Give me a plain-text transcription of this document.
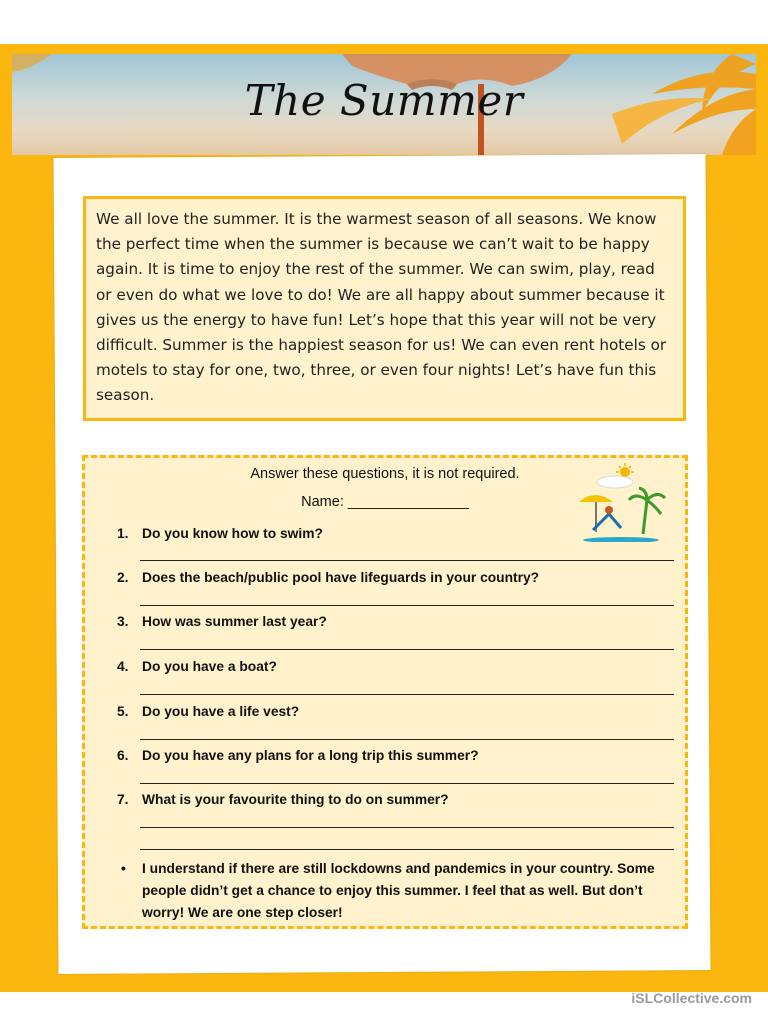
The Summer
We all love the summer. It is the warmest season of all seasons. We know the perfect time when the summer is because we can’t wait to be happy again. It is time to enjoy the rest of the summer. We can swim, play, read or even do what we love to do! We are all happy about summer because it gives us the energy to have fun! Let’s hope that this year will not be very difficult. Summer is the happiest season for us! We can even rent hotels or motels to stay for one, two, three, or even four nights! Let’s have fun this season.
Answer these questions, it is not required.
Name: _______________
1. Do you know how to swim?
2. Does the beach/public pool have lifeguards in your country?
3. How was summer last year?
4. Do you have a boat?
5. Do you have a life vest?
6. Do you have any plans for a long trip this summer?
7. What is your favourite thing to do on summer?
• I understand if there are still lockdowns and pandemics in your country. Some people didn’t get a chance to enjoy this summer. I feel that as well. But don’t worry! We are one step closer!
iSLCollective.com
